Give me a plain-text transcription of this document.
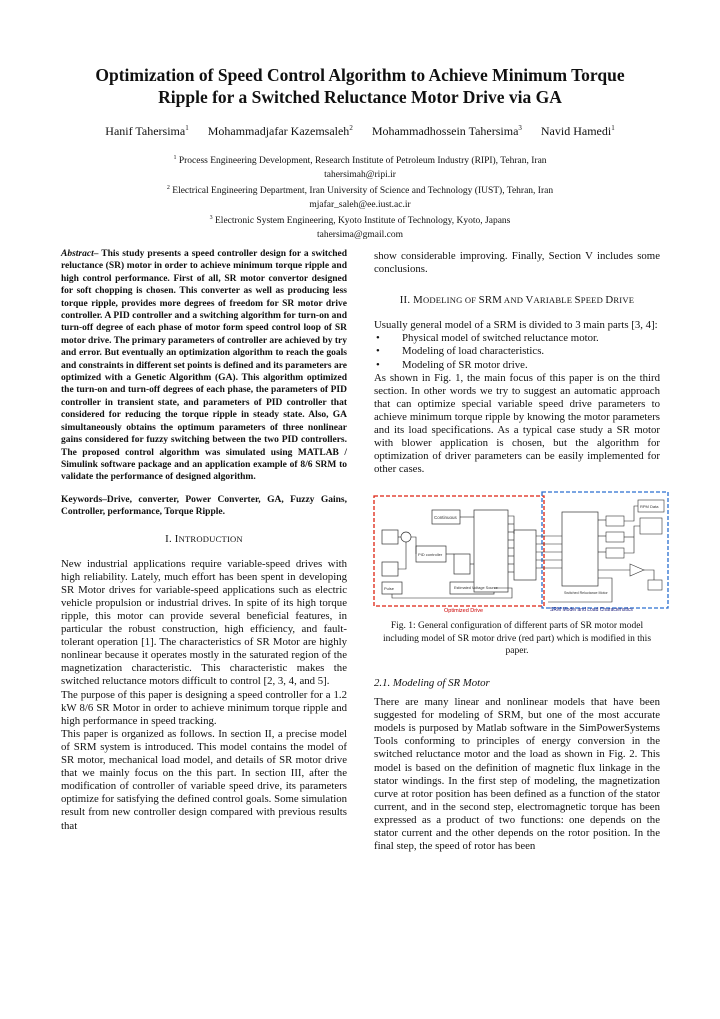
Optimization of Speed Control Algorithm to Achieve Minimum Torque
Ripple for a Switched Reluctance Motor Drive via GA
Hanif Tahersima$^1$ Mohammadjafar Kazemsaleh$^2$ Mohammadhossein Tahersima$^3$ Navid Hamedi$^1$
$^1$ Process Engineering Development, Research Institute of Petroleum Industry (RIPI), Tehran, Iran
tahersimah@ripi.ir
$^2$ Electrical Engineering Department, Iran University of Science and Technology (IUST), Tehran, Iran
mjafar_saleh@ee.iust.ac.ir
$^3$ Electronic System Engineering, Kyoto Institute of Technology, Kyoto, Japans
tahersima@gmail.com

Abstract– This study presents a speed controller design for a switched reluctance (SR) motor in order to achieve minimum torque ripple and high control performance. First of all, SR motor convertor designed for soft chopping is chosen. This converter as well as producing less torque ripple, provides more degrees of freedom for SR motor drive controller. A PID controller and a switching algorithm for turn-on and turn-off degree of each phase of motor form speed control loop of SR motor drive. The primary parameters of controller are achieved by try and error. But eventually an optimization algorithm to reach the goals and constraints in different set points is defined and its parameters are optimized with a Genetic Algorithm (GA). This algorithm optimized the turn-on and turn-off degrees of each phase, the parameters of PID controller in transient state, and parameters of PID controller that considered for reducing the torque ripple in steady state. Also, GA simultaneously obtains the optimum parameters of three nonlinear gains considered for fuzzy switching between the two PID controllers. The proposed control algorithm was simulated using MATLAB / Simulink software package and an application example of 8/6 SRM to validate the performance of designed algorithm.

Keywords–Drive, converter, Power Converter, GA, Fuzzy Gains, Controller, performance, Torque Ripple.

I. INTRODUCTION

New industrial applications require variable-speed drives with high reliability. Lately, much effort has been spent in developing SR Motor drives for variable-speed applications such as electric vehicle propulsion or industrial drives. In spite of its high torque ripple, this motor can provide several beneficial features, in particular the robust construction, high efficiency, and fault-tolerant operation [1]. The characteristics of SR Motor are highly nonlinear because it operates mostly in the saturated region of the magnetization characteristic. This characteristic makes the switched reluctance motors difficult to control [2, 3, 4, and 5].

The purpose of this paper is designing a speed controller for a 1.2 kW 8/6 SR Motor in order to achieve minimum torque ripple and high performance in speed tracking.

This paper is organized as follows. In section II, a precise model of SRM system is introduced. This model contains the model of SR motor, mechanical load model, and details of SR motor drive that we mainly focus on the this part. In section III, after the modification of controller of variable speed drive, its parameters optimize for satisfying the defined control goals. Some simulation result from new controller design compared with previous results that

show considerable improving. Finally, Section V includes some conclusions.

II. MODELING OF SRM AND VARIABLE SPEED DRIVE

Usually general model of a SRM is divided to 3 main parts [3, 4]:

• Physical model of switched reluctance motor.
• Modeling of load characteristics.
• Modeling of SR motor drive.

As shown in Fig. 1, the main focus of this paper is on the third section. In other words we try to suggest an automatic approach that can optimize special variable speed drive parameters to achieve minimum torque ripple by knowing the motor parameters and its load specifications. As a typical case study a SR motor with blower application is chosen, but the algorithm for optimization of driver parameters can be easily implemented for other cases.

PID controller
Continuous
Estimated Voltage Source
Pulse
Switched Reluctance Motor
RPM Data
Optimized Drive	SRM Model and Load Characteristics

Fig. 1: General configuration of different parts of SR motor model including model of SR motor drive (red part) which is modified in this paper.

2.1. Modeling of SR Motor

There are many linear and nonlinear models that have been suggested for modeling of SRM, but one of the most accurate models is purposed by Matlab software in the SimPowerSystems Tools conforming to principles of energy conversion in the switched reluctance motor and the load as shown in Fig. 2. This model is based on the definition of magnetic flux linkage in the stator windings. In the first step of modeling, the magnetization curve at rotor position has been defined as a function of the stator current, and in the second step, electromagnetic torque has been expressed as a product of two functions: one depends on the stator current and the other depends on the rotor position. In the final step, the speed of rotor has been
